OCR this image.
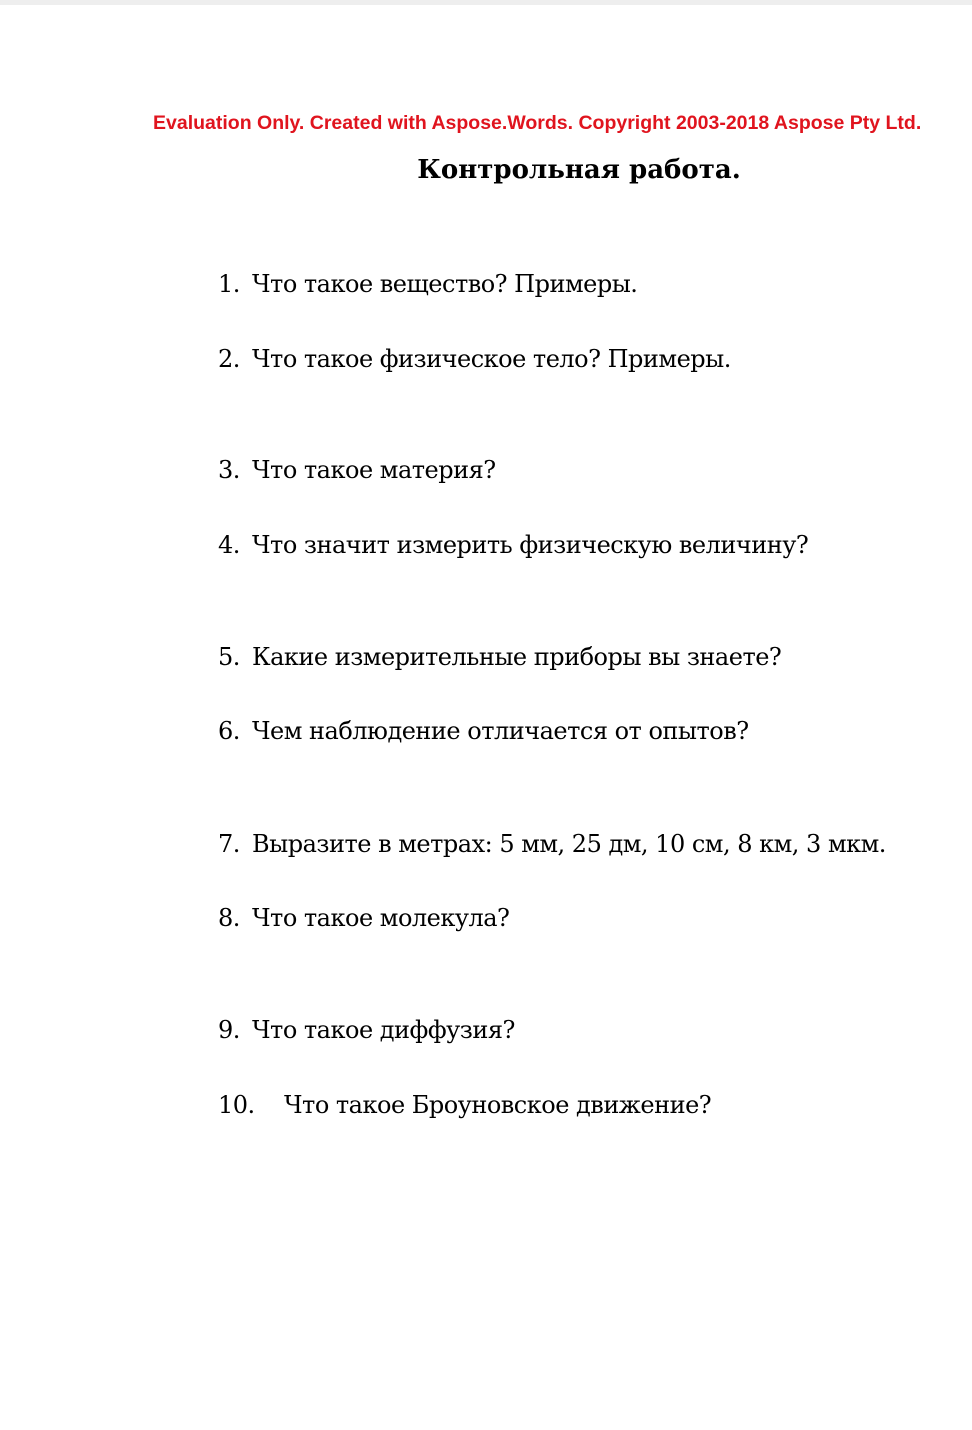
Evaluation Only. Created with Aspose.Words. Copyright 2003-2018 Aspose Pty Ltd.
Контрольная работа.
1. Что такое вещество? Примеры.
2. Что такое физическое тело? Примеры.
3. Что такое материя?
4. Что значит измерить физическую величину?
5. Какие измерительные приборы вы знаете?
6. Чем наблюдение отличается от опытов?
7. Выразите в метрах: 5 мм, 25 дм, 10 см, 8 км, 3 мкм.
8. Что такое молекула?
9. Что такое диффузия?
10. Что такое Броуновское движение?
